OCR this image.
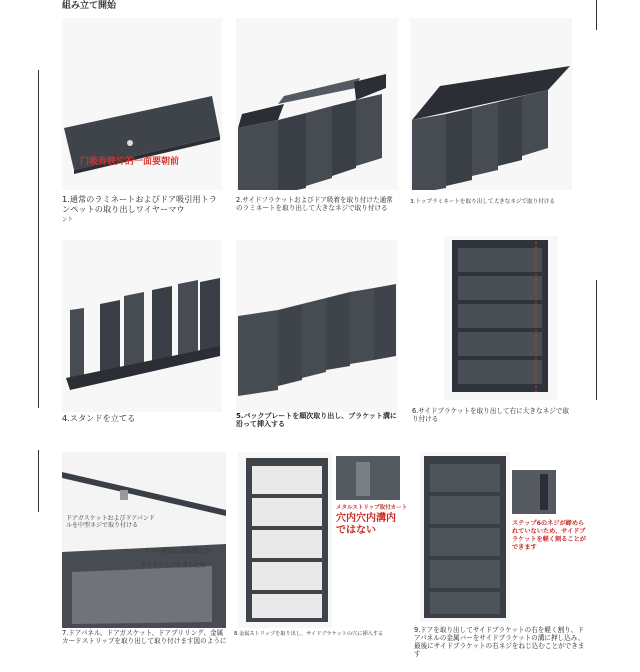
組み立て開始
门吸有铁片的一面要朝前
1.通常のラミネートおよびドア吸引用トランペットの取り出しワイヤーマウ
ント
2.サイドフラケットおよびドア吸着を取り付けた通常のラミネートを取り出して大きなネジで取り付ける
3.トップラミネートを取り出して大きなネジで取り付ける
4.スタンドを立てる	5.バックプレートを順次取り出し、プラケット溝に沿って挿入する
6.サイドブラケットを取り出して右に大きなネジで取り付ける
ドアガスケットおよびドアパンドルを中型ネジで取り付ける
ドアの両端に金属製のカー
ドストリップを差し込む
7.ドアパネル、ドアガスケット、ドアプリリング、金属カードストリップを取り出して取り付けます図のように
メタルストリップ取付カート
穴内穴内溝内ではない
8.金属ストリップを取り出し、サイドブラケットの穴に挿入する
ステップ6のネジが締められていないため、サイドブラケットを軽く割ることができます
9.ドアを取り出してサイドブラケットの右を軽く割り、ドアパネルの金属バーをサイドブラケットの溝に押し込み、最後にサイドブラケットの右ネジをねじ込むことができます
